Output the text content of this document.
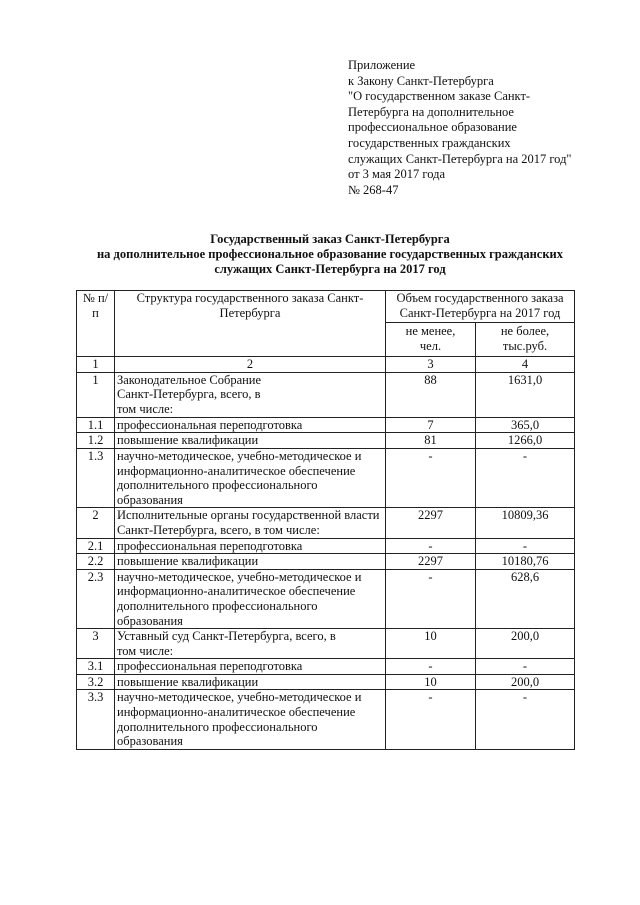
Приложение
к Закону Санкт-Петербурга
"О государственном заказе Санкт-
Петербурга на дополнительное
профессиональное образование
государственных гражданских
служащих Санкт-Петербурга на 2017 год"
от 3 мая 2017 года
№ 268-47
Государственный заказ Санкт-Петербурга
на дополнительное профессиональное образование государственных гражданских
служащих Санкт-Петербурга на 2017 год
№ п/п	Структура государственного заказа Санкт-Петербурга	Объем государственного заказа Санкт-Петербурга на 2017 год	
		не менее, чел.	не более, тыс.руб.
1	2	3	4
1	Законодательное Собрание Санкт-Петербурга, всего, в том числе:	88	1631,0
1.1	профессиональная переподготовка	7	365,0
1.2	повышение квалификации	81	1266,0
1.3	научно-методическое, учебно-методическое и информационно-аналитическое обеспечение дополнительного профессионального образования	-	-
2	Исполнительные органы государственной власти Санкт-Петербурга, всего, в том числе:	2297	10809,36
2.1	профессиональная переподготовка	-	-
2.2	повышение квалификации	2297	10180,76
2.3	научно-методическое, учебно-методическое и информационно-аналитическое обеспечение дополнительного профессионального образования	-	628,6
3	Уставный суд Санкт-Петербурга, всего, в том числе:	10	200,0
3.1	профессиональная переподготовка	-	-
3.2	повышение квалификации	10	200,0
3.3	научно-методическое, учебно-методическое и информационно-аналитическое обеспечение дополнительного профессионального образования	-	-
